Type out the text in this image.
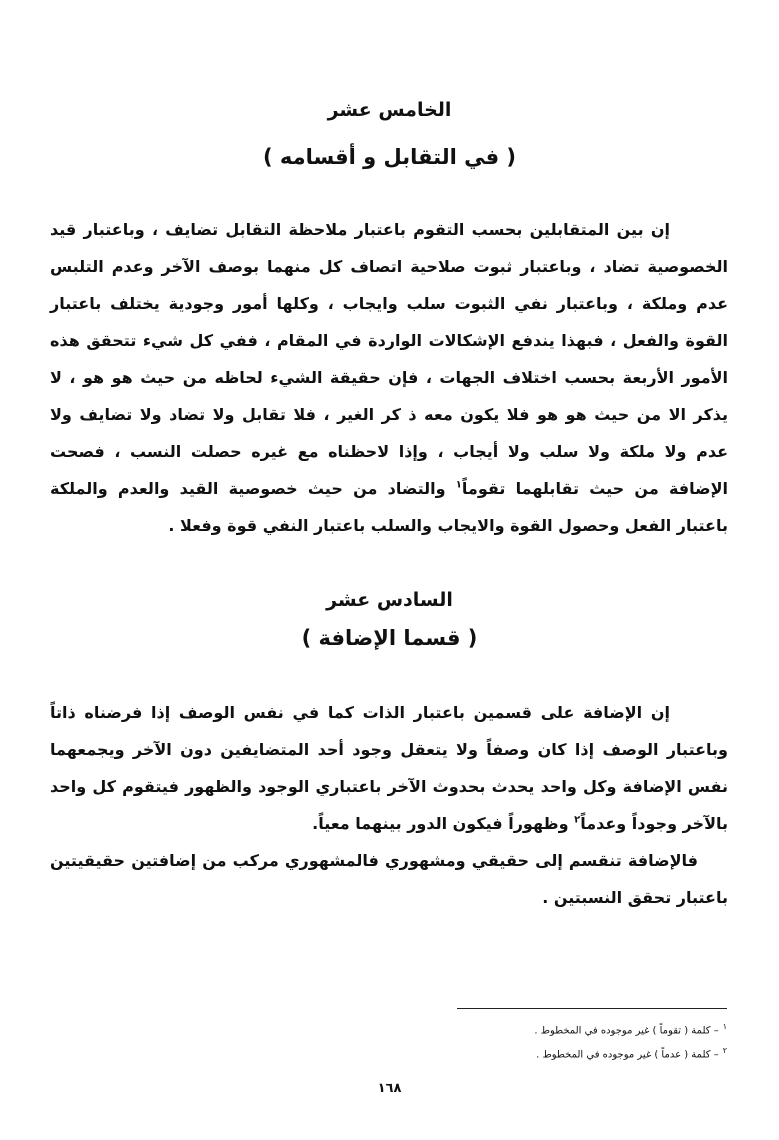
الخامس عشر
( في التقابل و أقسامه )

إن بين المتقابلين بحسب التقوم باعتبار ملاحظة التقابل تضايف ، وباعتبار قيد الخصوصية تضاد ، وباعتبار ثبوت صلاحية اتصاف كل منهما بوصف الآخر وعدم التلبس عدم وملكة ، وباعتبار نفي الثبوت سلب وايجاب ، وكلها أمور وجودية يختلف باعتبار القوة والفعل ، فبهذا يندفع الإشكالات الواردة في المقام ، ففي كل شيء تتحقق هذه الأمور الأربعة بحسب اختلاف الجهات ، فإن حقيقة الشيء لحاظه من حيث هو هو ، لا يذكر الا من حيث هو هو فلا يكون معه ذ كر الغير ، فلا تقابل ولا تضاد ولا تضايف ولا عدم ولا ملكة ولا سلب ولا أيجاب ، وإذا لاحظناه مع غيره حصلت النسب ، فصحت الإضافة من حيث تقابلهما تقوماً$^١$ والتضاد من حيث خصوصية القيد والعدم والملكة باعتبار الفعل وحصول القوة والايجاب والسلب باعتبار النفي قوة وفعلا .

السادس عشر
( قسما الإضافة )

إن الإضافة على قسمين باعتبار الذات كما في نفس الوصف إذا فرضناه ذاتاً وباعتبار الوصف إذا كان وصفاً ولا يتعقل وجود أحد المتضايفين دون الآخر ويجمعهما نفس الإضافة وكل واحد يحدث بحدوث الآخر باعتباري الوجود والظهور فيتقوم كل واحد بالآخر وجوداً وعدماً$^٢$ وظهوراً فيكون الدور بينهما معياً.

فالإضافة تنقسم إلى حقيقي ومشهوري فالمشهوري مركب من إضافتين حقيقيتين باعتبار تحقق النسبتين .

$^١$– كلمة ( تقوماً ) غير موجوده في المخطوط .
$^٢$– كلمة ( عدماً ) غير موجوده في المخطوط .
١٦٨
